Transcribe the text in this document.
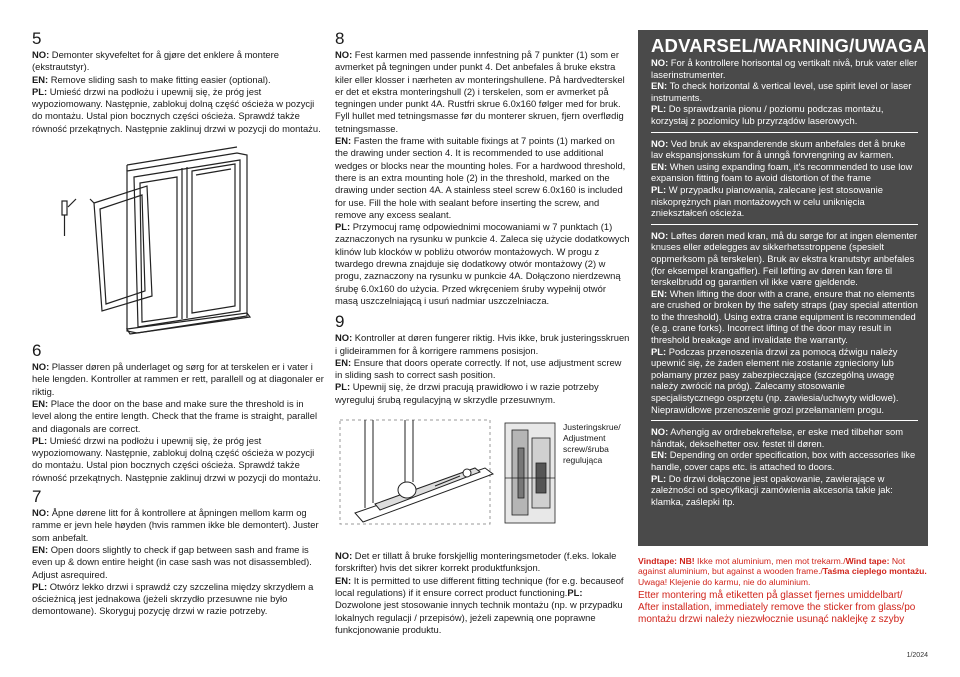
5

NO: Demonter skyvefeltet for å gjøre det enklere å montere (ekstrautstyr).

EN: Remove sliding sash to make fitting easier (optional).

PL: Umieść drzwi na podłożu i upewnij się, że próg jest wypoziomowany. Następnie, zablokuj dolną część ościeża w pozycji do montażu. Ustal pion bocznych części ościeża. Sprawdź także równość przekątnych. Następnie zaklinuj drzwi w pozycji do montażu.

6

NO: Plasser døren på underlaget og sørg for at terskelen er i vater i hele lengden. Kontroller at rammen er rett, parallell og at diagonaler er riktig.

EN: Place the door on the base and make sure the threshold is in level along the entire length. Check that the frame is straight, parallel and diagonals are correct.

PL: Umieść drzwi na podłożu i upewnij się, że próg jest wypoziomowany. Następnie, zablokuj dolną część ościeża w pozycji do montażu. Ustal pion bocznych części ościeża. Sprawdź także równość przekątnych. Następnie zaklinuj drzwi w pozycji do montażu.

7

NO: Åpne dørene litt for å kontrollere at åpningen mellom karm og ramme er jevn hele høyden (hvis rammen ikke ble demontert). Juster som anbefalt.

EN: Open doors slightly to check if gap between sash and frame is even up & down entire height (in case sash was not disassembled). Adjust asrequired.

PL: Otwórz lekko drzwi i sprawdź czy szczelina między skrzydłem a ościeżnicą jest jednakowa (jeżeli skrzydło przesuwne nie było demontowane). Skoryguj pozycję drzwi w razie potrzeby.

8

NO: Fest karmen med passende innfestning på 7 punkter (1) som er avmerket på tegningen under punkt 4. Det anbefales å bruke ekstra kiler eller klosser i nærheten av monteringshullene. På hardvedterskel er det et ekstra monteringshull (2) i terskelen, som er avmerket på tegningen under punkt 4A. Rustfri skrue 6.0x160 følger med for bruk. Fyll hullet med tetningsmasse før du monterer skruen, fjern overflødig tetningsmasse.

EN: Fasten the frame with suitable fixings at 7 points (1) marked on the drawing under section 4. It is recommended to use additional wedges or blocks near the mounting holes. For a hardwood threshold, there is an extra mounting hole (2) in the threshold, marked on the drawing under section 4A. A stainless steel screw 6.0x160 is included for use. Fill the hole with sealant before inserting the screw, and remove any excess sealant.

PL: Przymocuj ramę odpowiednimi mocowaniami w 7 punktach (1) zaznaczonych na rysunku w punkcie 4. Zaleca się użycie dodatkowych klinów lub klocków w pobliżu otworów montażowych. W progu z twardego drewna znajduje się dodatkowy otwór montażowy (2) w progu, zaznaczony na rysunku w punkcie 4A. Dołączono nierdzewną śrubę 6.0x160 do użycia. Przed wkręceniem śruby wypełnij otwór masą uszczelniającą i usuń nadmiar uszczelniacza.

9

NO: Kontroller at døren fungerer riktig. Hvis ikke, bruk justeringsskruen i glideirammen for å korrigere rammens posisjon.

EN: Ensure that doors operate correctly. If not, use adjustment screw in sliding sash to correct sash position.

PL: Upewnij się, że drzwi pracują prawidłowo i w razie potrzeby wyreguluj śrubą regulacyjną w skrzydle przesuwnym.

Justeringskrue/
Adjustment
screw/śruba
regulująca

NO: Det er tillatt å bruke forskjellig monteringsmetoder (f.eks. lokale forskrifter) hvis det sikrer korrekt produktfunksjon.

EN: It is permitted to use different fitting technique (for e.g. becauseof local regulations) if it ensure correct product functioning.PL: Dozwolone jest stosowanie innych technik montażu (np. w przypadku lokalnych regulacji / przepisów), jeżeli zapewnią one poprawne funkcjonowanie produktu.

ADVARSEL/WARNING/UWAGA

NO: For å kontrollere horisontal og vertikalt nivå, bruk vater eller laserinstrumenter.

EN: To check horizontal & vertical level, use spirit level or laser instruments.

PL: Do sprawdzania pionu / poziomu podczas montażu, korzystaj z poziomicy lub przyrządów laserowych.

NO: Ved bruk av ekspanderende skum anbefales det å bruke lav ekspansjonsskum for å unngå forvrengning av karmen.

EN: When using expanding foam, it's recommended to use low expansion fitting foam to avoid distortion of the frame

PL: W przypadku pianowania, zalecane jest stosowanie niskoprężnych pian montażowych w celu uniknięcia zniekształceń ościeża.

NO: Løftes døren med kran, må du sørge for at ingen elementer knuses eller ødelegges av sikkerhetsstroppene (spesielt oppmerksom på terskelen). Bruk av ekstra kranutstyr anbefales (for eksempel krangaffler). Feil løfting av døren kan føre til terskelbrudd og garantien vil ikke være gjeldende.

EN: When lifting the door with a crane, ensure that no elements are crushed or broken by the safety straps (pay special attention to the threshold). Using extra crane equipment is recommended (e.g. crane forks). Incorrect lifting of the door may result in threshold breakage and invalidate the warranty.

PL: Podczas przenoszenia drzwi za pomocą dźwigu należy upewnić się, że żaden element nie zostanie zgnieciony lub połamany przez pasy zabezpieczające (szczególną uwagę należy zwrócić na próg). Zalecamy stosowanie specjalistycznego osprzętu (np. zawiesia/uchwyty widłowe). Nieprawidłowe przenoszenie grozi przełamaniem progu.

NO: Avhengig av ordrebekreftelse, er eske med tilbehør som håndtak, dekselhetter osv. festet til døren.

EN: Depending on order specification, box with accessories like handle, cover caps etc. is attached to doors.

PL: Do drzwi dołączone jest opakowanie, zawierające w zależności od specyfikacji zamówienia akcesoria takie jak: klamka, zaślepki itp.

Vindtape: NB! Ikke mot aluminium, men mot trekarm./Wind tape: Not against aluminium, but against a wooden frame./Taśma cieplego montażu. Uwaga! Klejenie do karmu, nie do aluminium.
Etter montering må etiketten på glasset fjernes umiddelbart/
After installation, immediately remove the sticker from glass/po
montażu drzwi należy niezwłocznie usunąć naklejkę z szyby
1/2024
